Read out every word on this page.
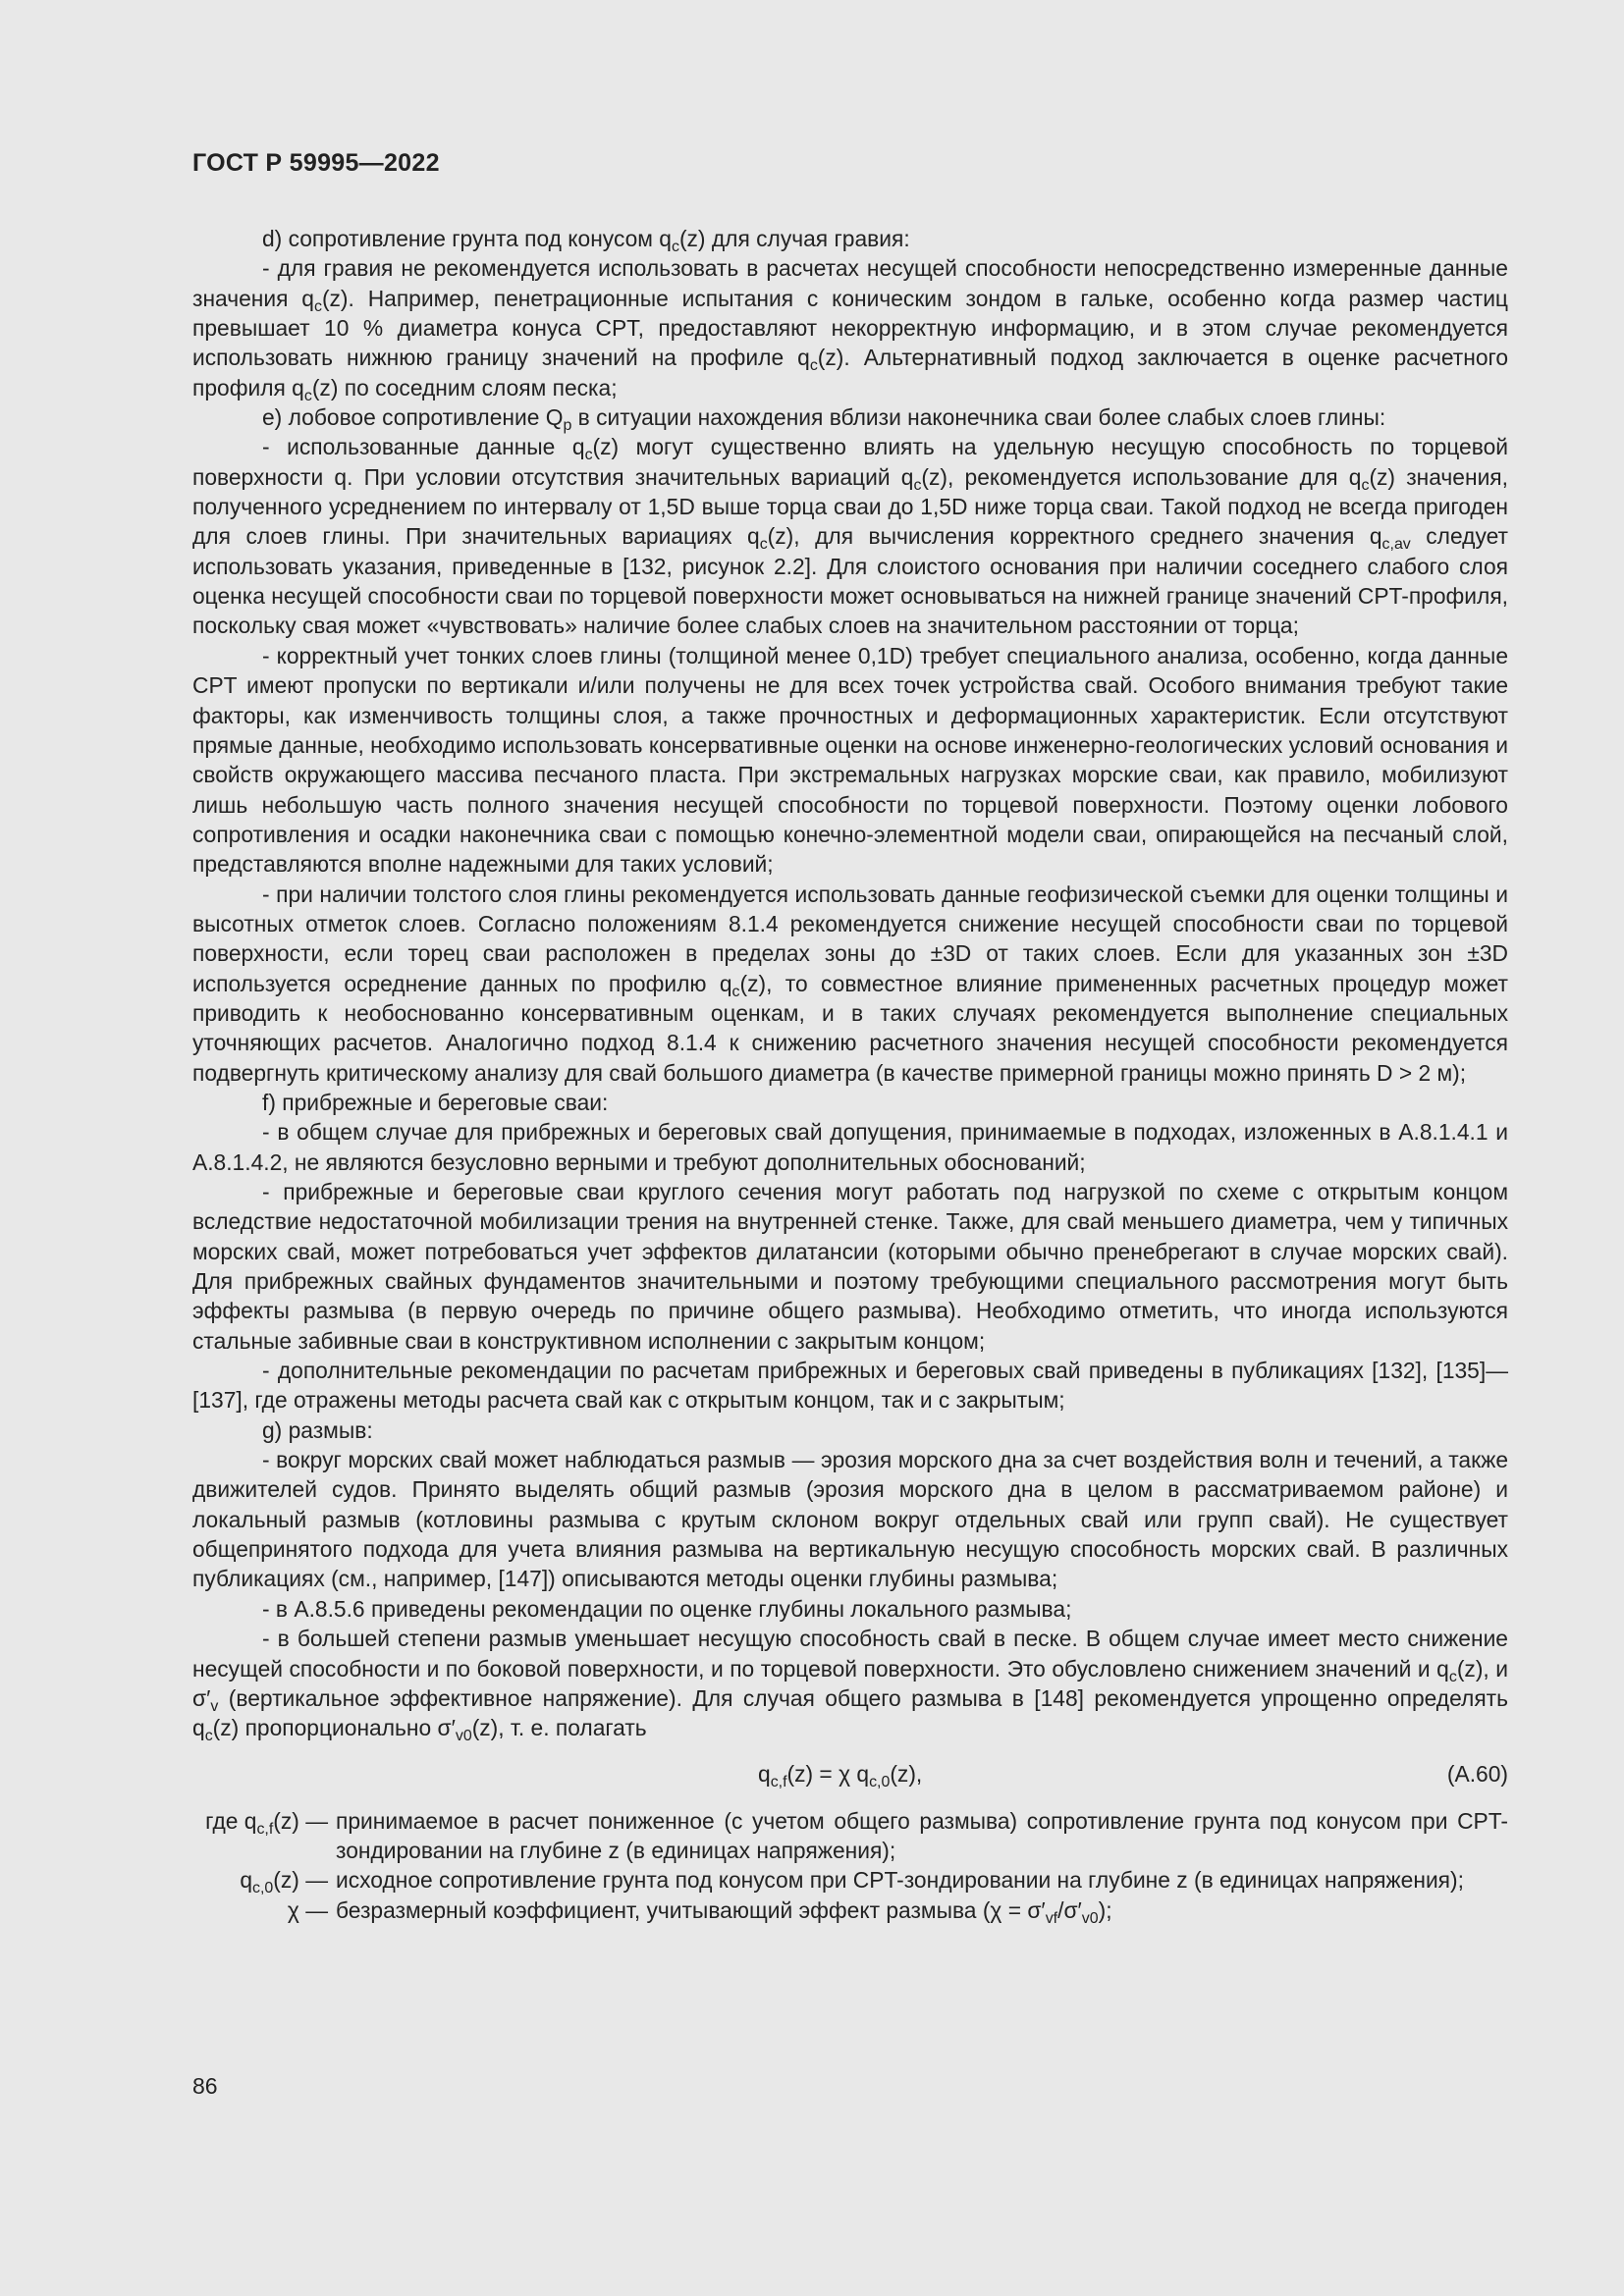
ГОСТ Р 59995—2022

d) сопротивление грунта под конусом $q_c(z)$ для случая гравия:

- для гравия не рекомендуется использовать в расчетах несущей способности непосредственно измеренные данные значения $q_c(z)$. Например, пенетрационные испытания с коническим зондом в гальке, особенно когда размер частиц превышает 10 % диаметра конуса CPT, предоставляют некорректную информацию, и в этом случае рекомендуется использовать нижнюю границу значений на профиле $q_c(z)$. Альтернативный подход заключается в оценке расчетного профиля $q_c(z)$ по соседним слоям песка;

e) лобовое сопротивление $Q_p$ в ситуации нахождения вблизи наконечника сваи более слабых слоев глины:

- использованные данные $q_c(z)$ могут существенно влиять на удельную несущую способность по торцевой поверхности q. При условии отсутствия значительных вариаций $q_c(z)$, рекомендуется использование для $q_c(z)$ значения, полученного усреднением по интервалу от 1,5D выше торца сваи до 1,5D ниже торца сваи. Такой подход не всегда пригоден для слоев глины. При значительных вариациях $q_c(z)$, для вычисления корректного среднего значения $q_{c,av}$ следует использовать указания, приведенные в [132, рисунок 2.2]. Для слоистого основания при наличии соседнего слабого слоя оценка несущей способности сваи по торцевой поверхности может основываться на нижней границе значений CPT-профиля, поскольку свая может «чувствовать» наличие более слабых слоев на значительном расстоянии от торца;

- корректный учет тонких слоев глины (толщиной менее 0,1D) требует специального анализа, особенно, когда данные CPT имеют пропуски по вертикали и/или получены не для всех точек устройства свай. Особого внимания требуют такие факторы, как изменчивость толщины слоя, а также прочностных и деформационных характеристик. Если отсутствуют прямые данные, необходимо использовать консервативные оценки на основе инженерно-геологических условий основания и свойств окружающего массива песчаного пласта. При экстремальных нагрузках морские сваи, как правило, мобилизуют лишь небольшую часть полного значения несущей способности по торцевой поверхности. Поэтому оценки лобового сопротивления и осадки наконечника сваи с помощью конечно-элементной модели сваи, опирающейся на песчаный слой, представляются вполне надежными для таких условий;

- при наличии толстого слоя глины рекомендуется использовать данные геофизической съемки для оценки толщины и высотных отметок слоев. Согласно положениям 8.1.4 рекомендуется снижение несущей способности сваи по торцевой поверхности, если торец сваи расположен в пределах зоны до ±3D от таких слоев. Если для указанных зон ±3D используется осреднение данных по профилю $q_c(z)$, то совместное влияние примененных расчетных процедур может приводить к необоснованно консервативным оценкам, и в таких случаях рекомендуется выполнение специальных уточняющих расчетов. Аналогично подход 8.1.4 к снижению расчетного значения несущей способности рекомендуется подвергнуть критическому анализу для свай большого диаметра (в качестве примерной границы можно принять D > 2 м);

f) прибрежные и береговые сваи:

- в общем случае для прибрежных и береговых свай допущения, принимаемые в подходах, изложенных в A.8.1.4.1 и A.8.1.4.2, не являются безусловно верными и требуют дополнительных обоснований;

- прибрежные и береговые сваи круглого сечения могут работать под нагрузкой по схеме с открытым концом вследствие недостаточной мобилизации трения на внутренней стенке. Также, для свай меньшего диаметра, чем у типичных морских свай, может потребоваться учет эффектов дилатансии (которыми обычно пренебрегают в случае морских свай). Для прибрежных свайных фундаментов значительными и поэтому требующими специального рассмотрения могут быть эффекты размыва (в первую очередь по причине общего размыва). Необходимо отметить, что иногда используются стальные забивные сваи в конструктивном исполнении с закрытым концом;

- дополнительные рекомендации по расчетам прибрежных и береговых свай приведены в публикациях [132], [135]—[137], где отражены методы расчета свай как с открытым концом, так и с закрытым;

g) размыв:

- вокруг морских свай может наблюдаться размыв — эрозия морского дна за счет воздействия волн и течений, а также движителей судов. Принято выделять общий размыв (эрозия морского дна в целом в рассматриваемом районе) и локальный размыв (котловины размыва с крутым склоном вокруг отдельных свай или групп свай). Не существует общепринятого подхода для учета влияния размыва на вертикальную несущую способность морских свай. В различных публикациях (см., например, [147]) описываются методы оценки глубины размыва;

- в A.8.5.6 приведены рекомендации по оценке глубины локального размыва;

- в большей степени размыв уменьшает несущую способность свай в песке. В общем случае имеет место снижение несущей способности и по боковой поверхности, и по торцевой поверхности. Это обусловлено снижением значений и $q_c(z)$, и $\sigma'_v$ (вертикальное эффективное напряжение). Для случая общего размыва в [148] рекомендуется упрощенно определять $q_c(z)$ пропорционально $\sigma'_{v0}(z)$, т. е. полагать

$q_{c,f}(z) = \chi$ $q_{c,0}(z)$,	(A.60)
где $q_{c,f}(z)$ — принимаемое в расчет пониженное (с учетом общего размыва) сопротивление грунта под конусом при CPT-зондировании на глубине z (в единицах напряжения);
$q_{c,0}(z)$ — исходное сопротивление грунта под конусом при CPT-зондировании на глубине z (в единицах напряжения);
χ — безразмерный коэффициент, учитывающий эффект размыва $(\chi = \sigma'_{vf}/\sigma'_{v0})$;
86
